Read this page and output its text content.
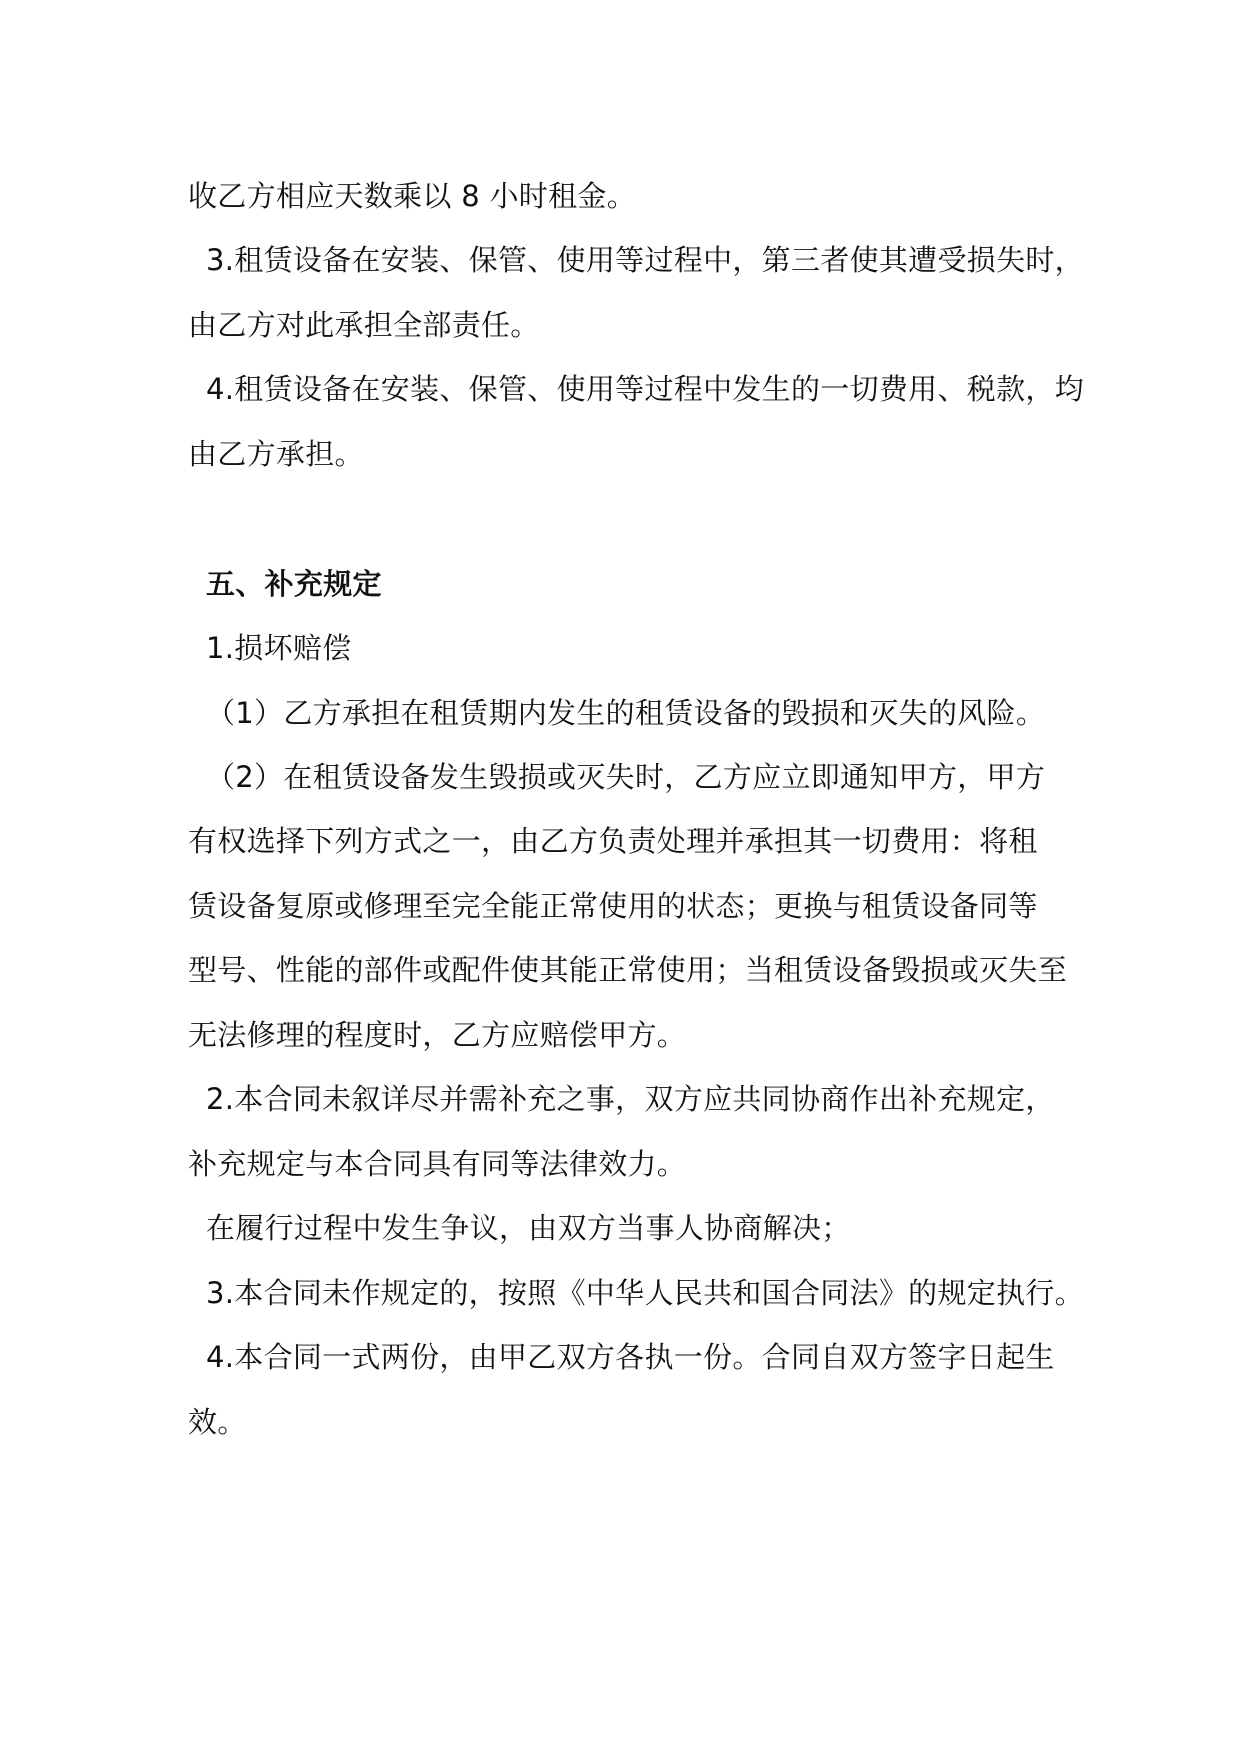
收乙方相应天数乘以 8 小时租金。
3.租赁设备在安装、保管、使用等过程中，第三者使其遭受损失时，
由乙方对此承担全部责任。
4.租赁设备在安装、保管、使用等过程中发生的一切费用、税款，均
由乙方承担。
五、补充规定
1.损坏赔偿
（1）乙方承担在租赁期内发生的租赁设备的毁损和灭失的风险。
（2）在租赁设备发生毁损或灭失时，乙方应立即通知甲方，甲方
有权选择下列方式之一，由乙方负责处理并承担其一切费用：将租
赁设备复原或修理至完全能正常使用的状态；更换与租赁设备同等
型号、性能的部件或配件使其能正常使用；当租赁设备毁损或灭失至
无法修理的程度时，乙方应赔偿甲方。
2.本合同未叙详尽并需补充之事，双方应共同协商作出补充规定，
补充规定与本合同具有同等法律效力。
在履行过程中发生争议，由双方当事人协商解决；
3.本合同未作规定的，按照《中华人民共和国合同法》的规定执行。
4.本合同一式两份，由甲乙双方各执一份。合同自双方签字日起生
效。
